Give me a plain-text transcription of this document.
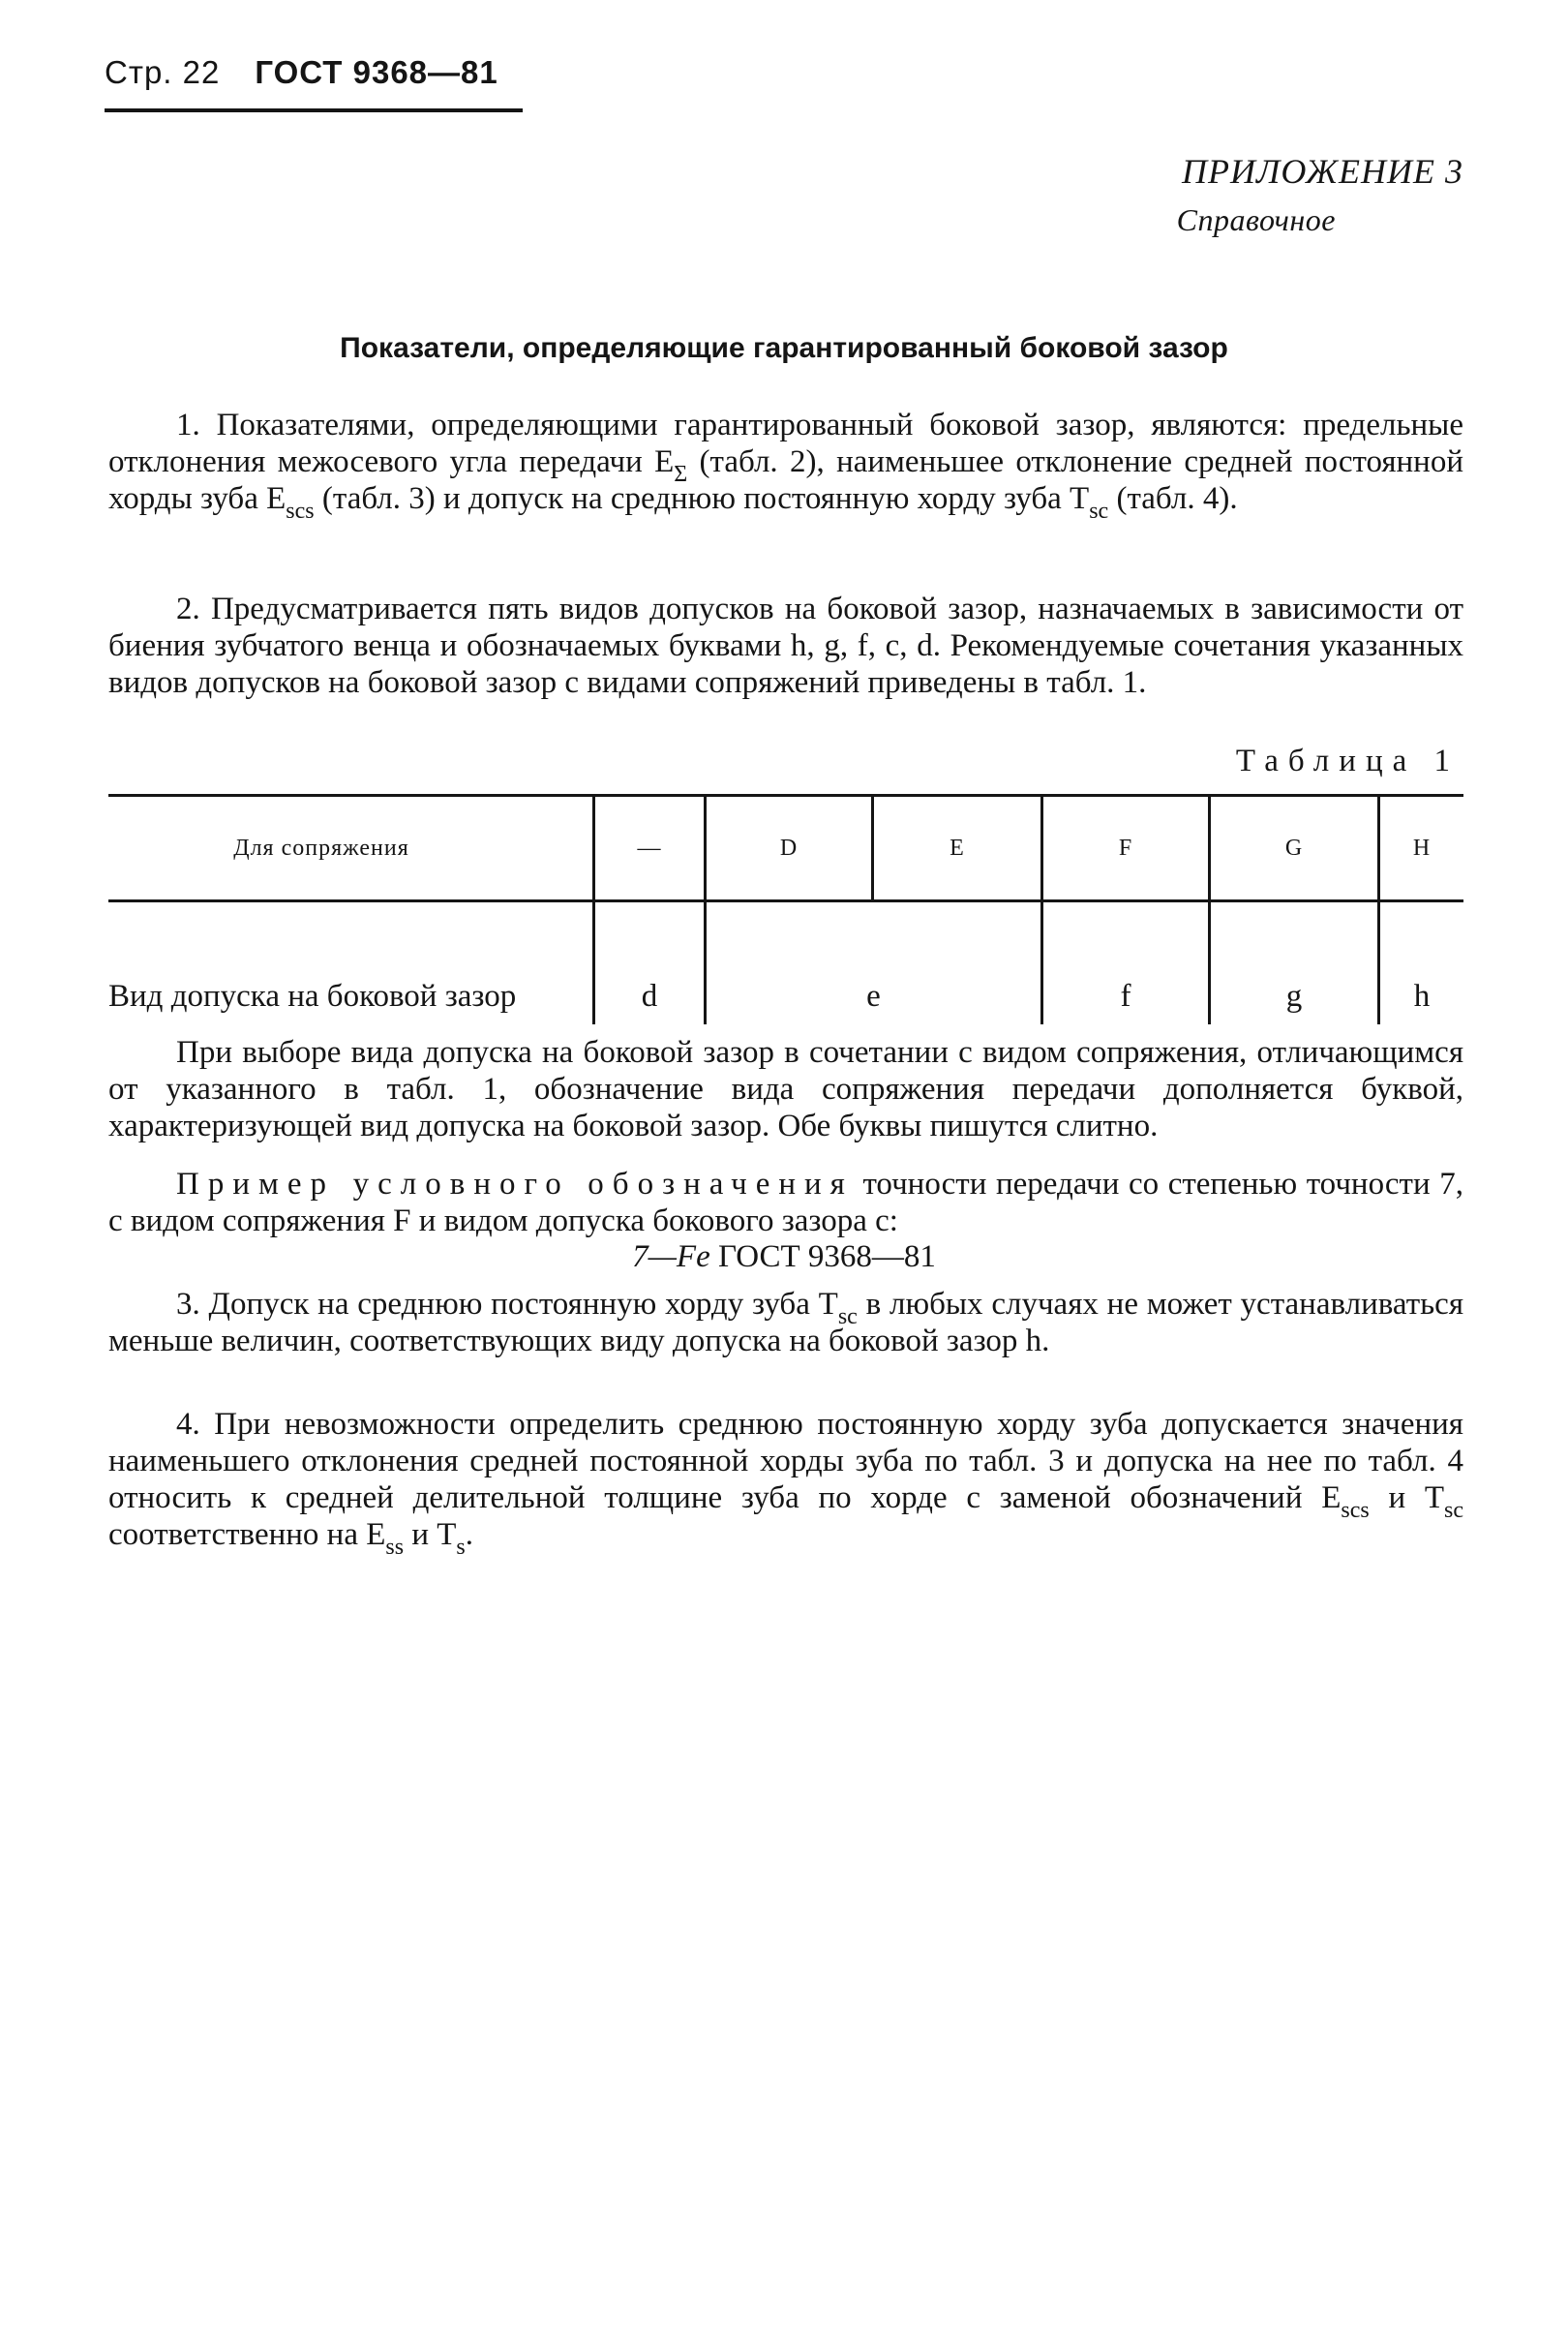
Стр. 22 ГОСТ 9368—81
ПРИЛОЖЕНИЕ 3
Справочное
Показатели, определяющие гарантированный боковой зазор
1. Показателями, определяющими гарантированный боковой зазор, являются: предельные отклонения межосевого угла передачи $E_\Sigma$ (табл. 2), наименьшее отклонение средней постоянной хорды зуба $E_{scs}$ (табл. 3) и допуск на среднюю постоянную хорду зуба $T_{sc}$ (табл. 4).
2. Предусматривается пять видов допусков на боковой зазор, назначаемых в зависимости от биения зубчатого венца и обозначаемых буквами h, g, f, c, d. Рекомендуемые сочетания указанных видов допусков на боковой зазор с видами сопряжений приведены в табл. 1.
Таблица 1
Для сопряжения	—	D	E	F	G	H
Вид допуска на боковой зазор	d	e		f	g	h
При выборе вида допуска на боковой зазор в сочетании с видом сопряжения, отличающимся от указанного в табл. 1, обозначение вида сопряжения передачи дополняется буквой, характеризующей вид допуска на боковой зазор. Обе буквы пишутся слитно.
Пример условного обозначения точности передачи со степенью точности 7, с видом сопряжения F и видом допуска бокового зазора c:
7—Fe ГОСТ 9368—81
3. Допуск на среднюю постоянную хорду зуба $T_{sc}$ в любых случаях не может устанавливаться меньше величин, соответствующих виду допуска на боковой зазор h.
4. При невозможности определить среднюю постоянную хорду зуба допускается значения наименьшего отклонения средней постоянной хорды зуба по табл. 3 и допуска на нее по табл. 4 относить к средней делительной толщине зуба по хорде с заменой обозначений $E_{scs}$ и $T_{sc}$ соответственно на $E_{ss}$ и $T_s$.
